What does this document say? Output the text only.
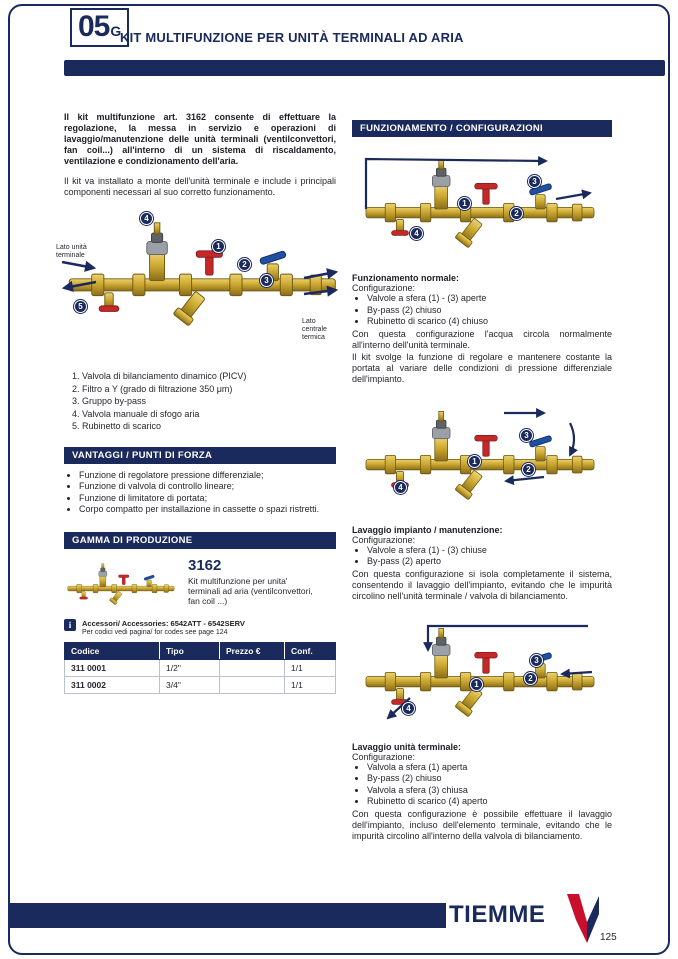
05G
KIT MULTIFUNZIONE PER UNITÀ TERMINALI AD ARIA

Il kit multifunzione art. 3162 consente di effettuare la regolazione, la messa in servizio e operazioni di lavaggio/manutenzione delle unità terminali (ventilconvettori, fan coil...) all'interno di un sistema di riscaldamento, ventilazione e condizionamento dell'aria.

Il kit va installato a monte dell'unità terminale e include i principali componenti necessari al suo corretto funzionamento.

4
1
2
3
5
Lato unità terminale
Lato centrale termica
1. Valvola di bilanciamento dinamico (PICV)
2. Filtro a Y (grado di filtrazione 350 μm)
3. Gruppo by-pass
4. Valvola manuale di sfogo aria
5. Rubinetto di scarico
VANTAGGI / PUNTI DI FORZA
• Funzione di regolatore pressione differenziale;
• Funzione di valvola di controllo lineare;
• Funzione di limitatore di portata;
• Corpo compatto per installazione in cassette o spazi ristretti.
GAMMA DI PRODUZIONE
3162
Kit multifunzione per unita' terminali ad aria (ventilconvettori, fan coil ...)
i	Accessori/ Accessories: 6542ATT - 6542SERV
Per codici vedi pagina/ for codes see page 124
Codice	Tipo	Prezzo €	Conf.
311 0001	1/2"		1/1
311 0002	3/4"		1/1
FUNZIONAMENTO / CONFIGURAZIONI
3
1
2
4
Funzionamento normale:
Configurazione:
• Valvole a sfera (1) - (3) aperte
• By-pass (2) chiuso
• Rubinetto di scarico (4) chiuso

Con questa configurazione l'acqua circola normalmente all'interno dell'unità terminale.

Il kit svolge la funzione di regolare e mantenere costante la portata al variare delle condizioni di pressione differenziale dell'impianto.

3
1
2
4
Lavaggio impianto / manutenzione:
Configurazione:
• Valvole a sfera (1) - (3) chiuse
• By-pass (2) aperto

Con questa configurazione si isola completamente il sistema, consentendo il lavaggio dell'impianto, evitando che le impurità circolino nell'unità terminale / valvola di bilanciamento.

3
1
2
4
Lavaggio unità terminale:
Configurazione:
• Valvola a sfera (1) aperta
• By-pass (2) chiuso
• Valvola a sfera (3) chiusa
• Rubinetto di scarico (4) aperto

Con questa configurazione è possibile effettuare il lavaggio dell'impianto, incluso dell'elemento terminale, evitando che le impurità circolino all'interno della valvola di bilanciamento.

TIEMME
125
